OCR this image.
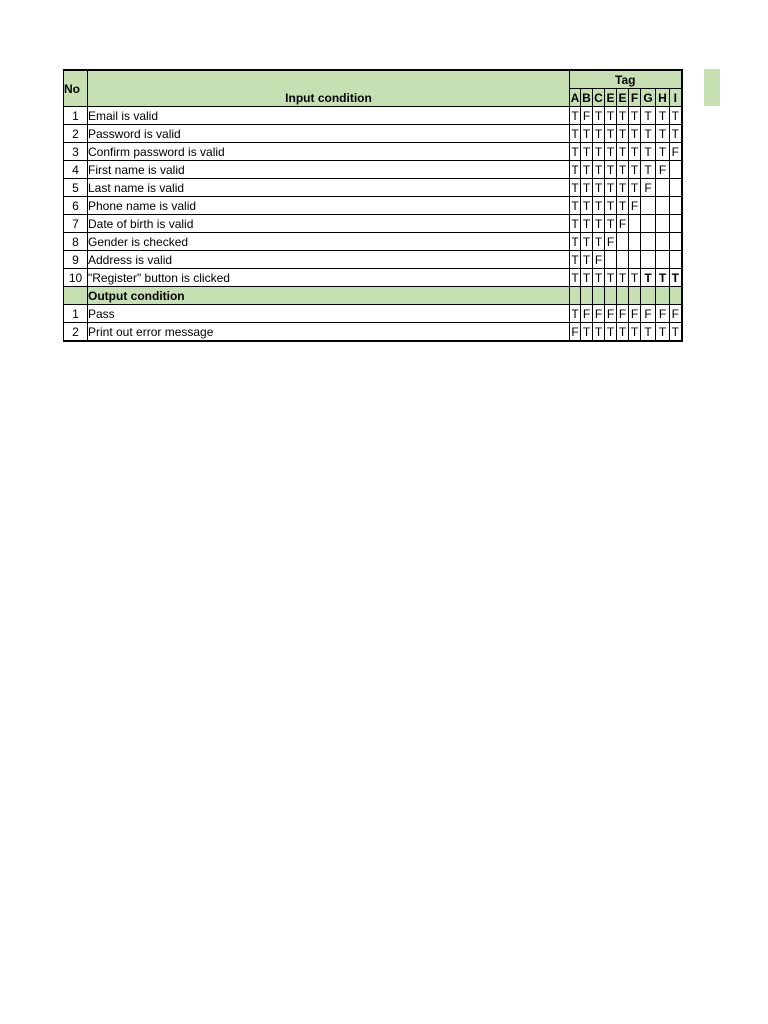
No	Input condition	Tag								
		A	B	C	E	E	F	G	H	I
1	Email is valid	T	F	T	T	T	T	T	T	T
2	Password is valid	T	T	T	T	T	T	T	T	T
3	Confirm password is valid	T	T	T	T	T	T	T	T	F
4	First name is valid	T	T	T	T	T	T	T	F	
5	Last name is valid	T	T	T	T	T	T	F		
6	Phone name is valid	T	T	T	T	T	F			
7	Date of birth is valid	T	T	T	T	F				
8	Gender is checked	T	T	T	F					
9	Address is valid	T	T	F						
10	"Register" button is clicked	T	T	T	T	T	T	T	T	T
	Output condition									
1	Pass	T	F	F	F	F	F	F	F	F
2	Print out error message	F	T	T	T	T	T	T	T	T
